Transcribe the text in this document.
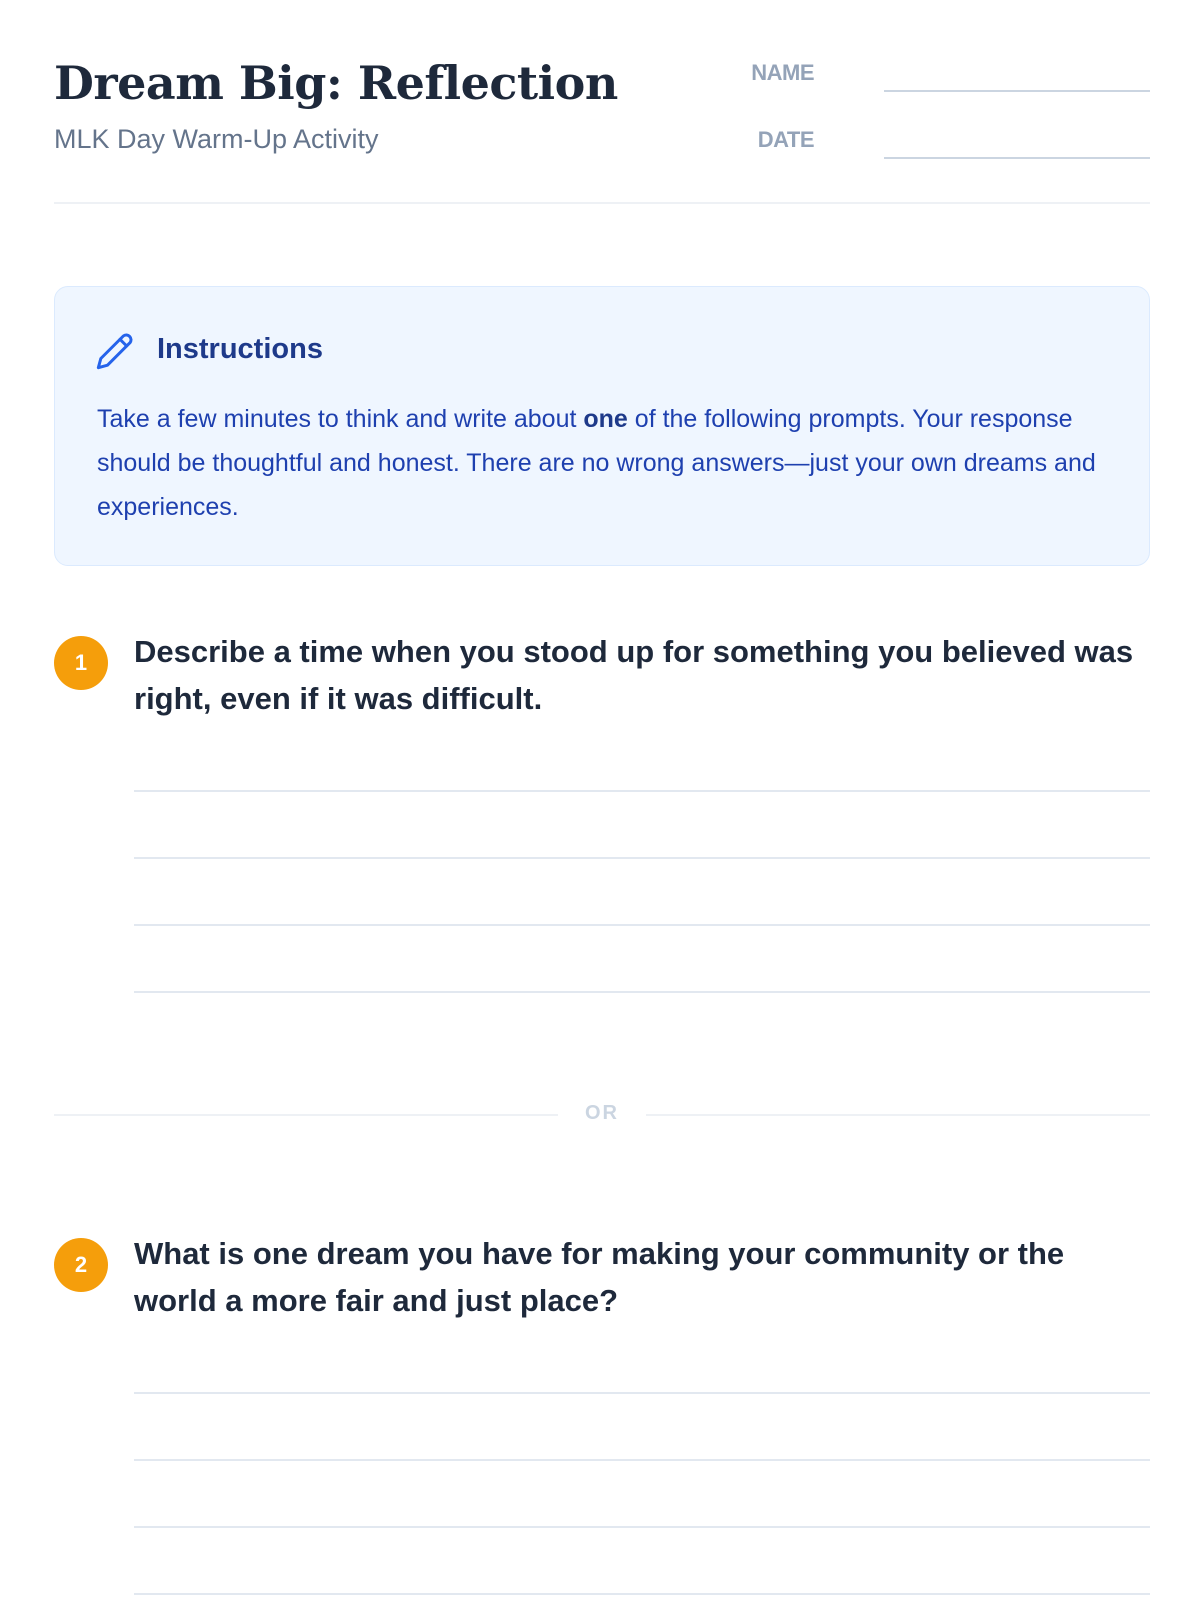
Dream Big: Reflection
MLK Day Warm-Up Activity
NAME
DATE
Instructions
Take a few minutes to think and write about one of the following prompts. Your response should be thoughtful and honest. There are no wrong answers—just your own dreams and experiences.
1	Describe a time when you stood up for something you believed was right, even if it was difficult.
OR
2	What is one dream you have for making your community or the world a more fair and just place?
